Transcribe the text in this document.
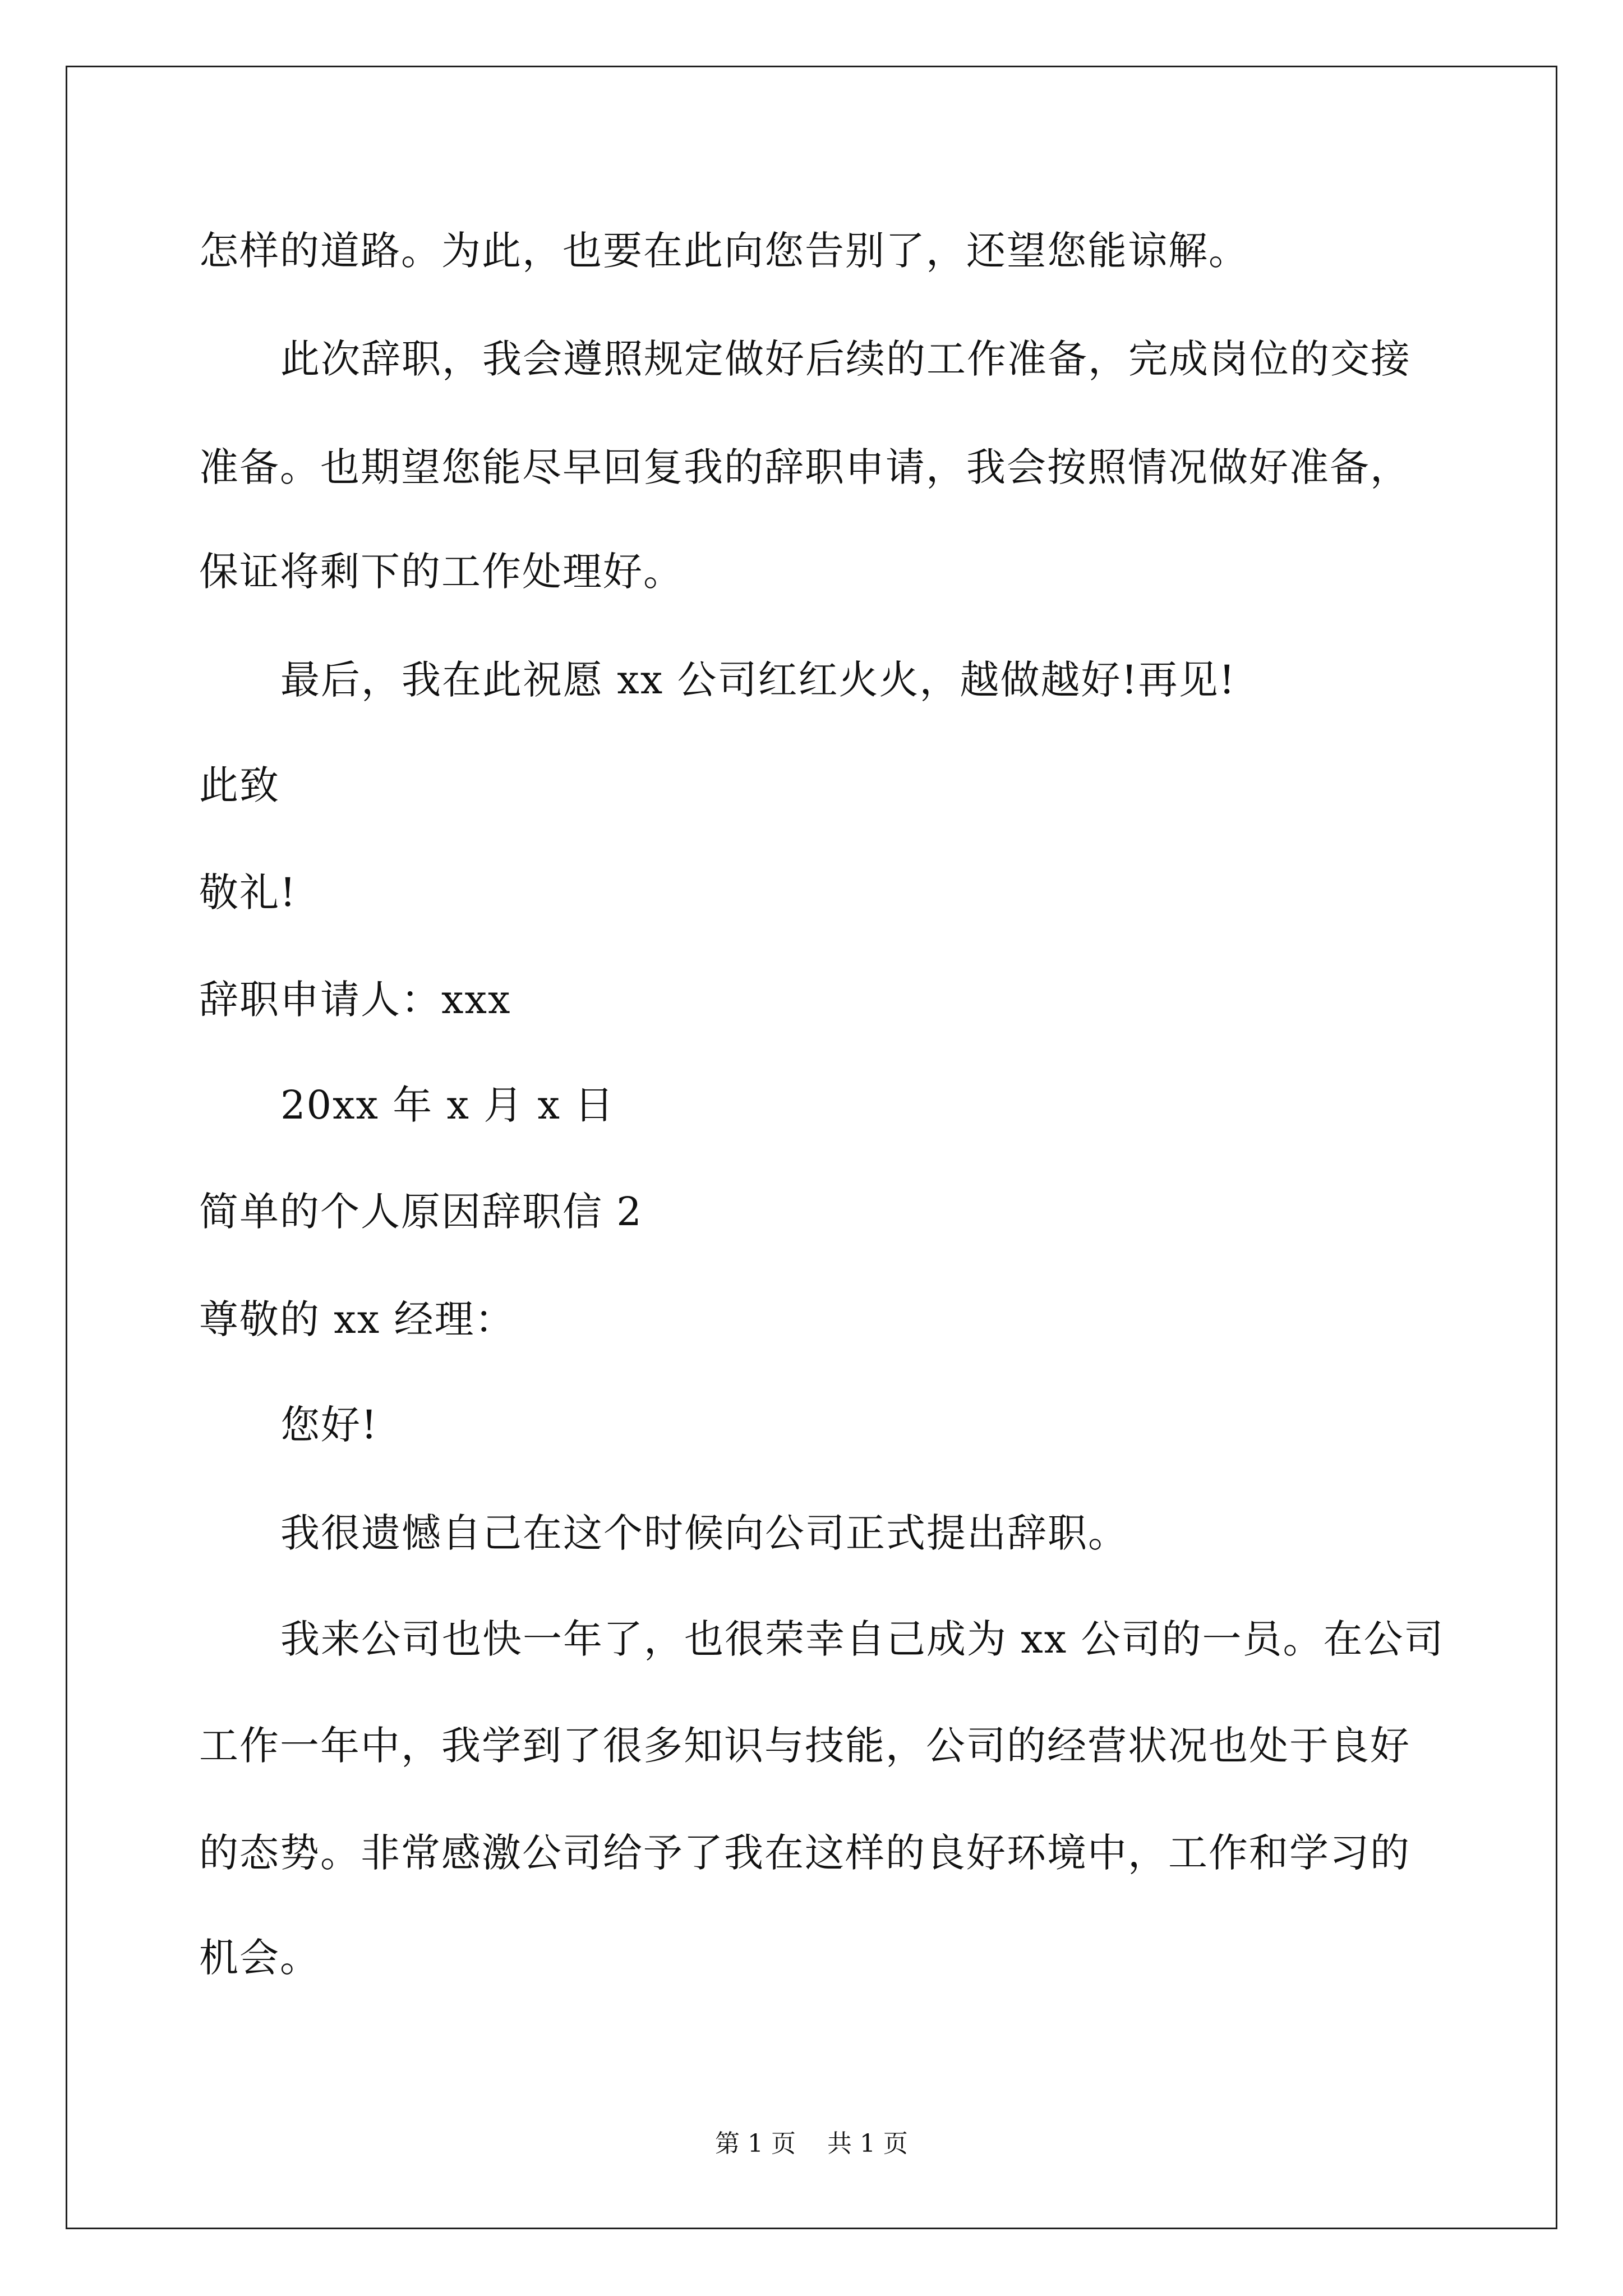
怎样的道路。为此，也要在此向您告别了，还望您能谅解。
此次辞职，我会遵照规定做好后续的工作准备，完成岗位的交接
准备。也期望您能尽早回复我的辞职申请，我会按照情况做好准备，
保证将剩下的工作处理好。
最后，我在此祝愿 xx 公司红红火火，越做越好!再见!
此致
敬礼!
辞职申请人：xxx
20xx 年 x 月 x 日
简单的个人原因辞职信 2
尊敬的 xx 经理：
您好!
我很遗憾自己在这个时候向公司正式提出辞职。
我来公司也快一年了，也很荣幸自己成为 xx 公司的一员。在公司
工作一年中，我学到了很多知识与技能，公司的经营状况也处于良好
的态势。非常感激公司给予了我在这样的良好环境中，工作和学习的
机会。
第 1 页    共 1 页
